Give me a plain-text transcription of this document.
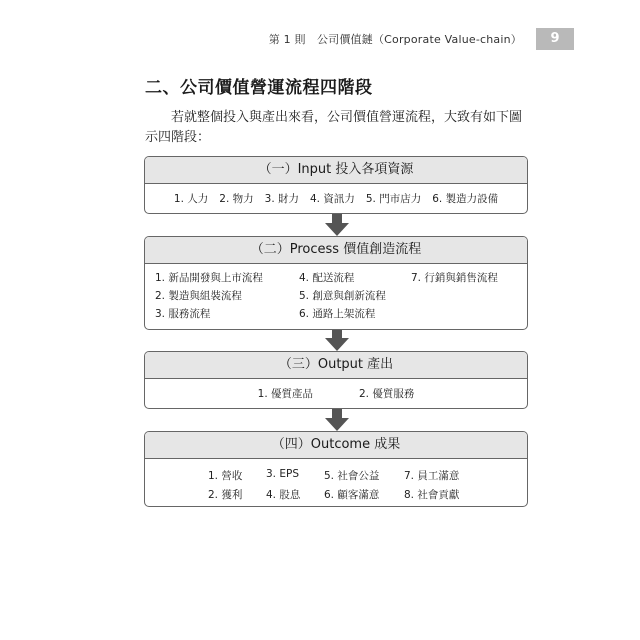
第 1 則　公司價值鏈（Corporate Value-chain）	9
二、公司價值營運流程四階段

若就整個投入與產出來看，公司價值營運流程，大致有如下圖示四階段：

（一）Input 投入各項資源
1. 人力 2. 物力 3. 財力 4. 資訊力 5. 門市店力 6. 製造力設備
（二）Process 價值創造流程
1. 新品開發與上市流程	4. 配送流程	7. 行銷與銷售流程
2. 製造與組裝流程	5. 創意與創新流程
3. 服務流程	6. 通路上架流程
（三）Output 產出
1. 優質產品	2. 優質服務
（四）Outcome 成果
1. 營收	3. EPS	5. 社會公益	7. 員工滿意
2. 獲利	4. 股息	6. 顧客滿意	8. 社會貢獻
